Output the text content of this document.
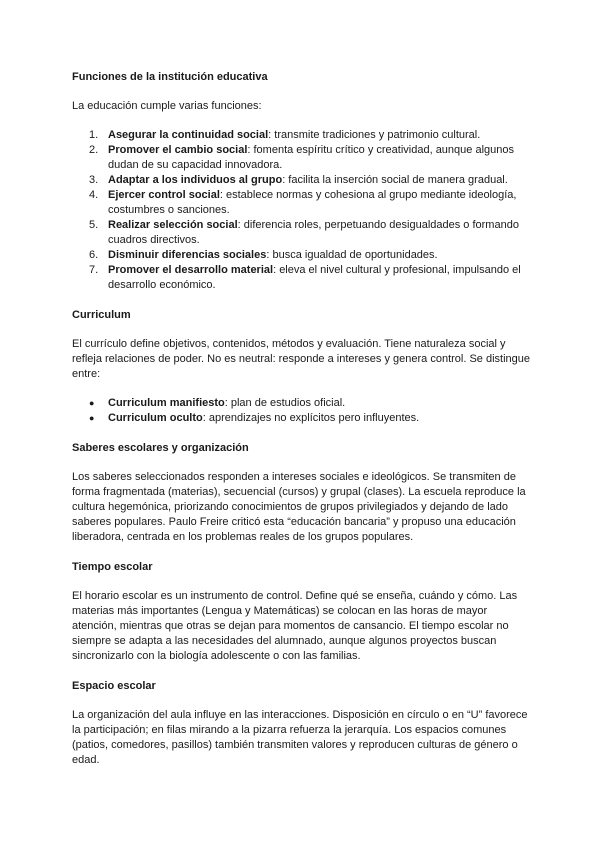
Funciones de la institución educativa

La educación cumple varias funciones:

1. Asegurar la continuidad social: transmite tradiciones y patrimonio cultural.
2. Promover el cambio social: fomenta espíritu crítico y creatividad, aunque algunos dudan de su capacidad innovadora.
3. Adaptar a los individuos al grupo: facilita la inserción social de manera gradual.
4. Ejercer control social: establece normas y cohesiona al grupo mediante ideología, costumbres o sanciones.
5. Realizar selección social: diferencia roles, perpetuando desigualdades o formando cuadros directivos.
6. Disminuir diferencias sociales: busca igualdad de oportunidades.
7. Promover el desarrollo material: eleva el nivel cultural y profesional, impulsando el desarrollo económico.
Curriculum

El currículo define objetivos, contenidos, métodos y evaluación. Tiene naturaleza social y refleja relaciones de poder. No es neutral: responde a intereses y genera control. Se distingue entre:

● Curriculum manifiesto: plan de estudios oficial.
● Curriculum oculto: aprendizajes no explícitos pero influyentes.
Saberes escolares y organización

Los saberes seleccionados responden a intereses sociales e ideológicos. Se transmiten de forma fragmentada (materias), secuencial (cursos) y grupal (clases). La escuela reproduce la cultura hegemónica, priorizando conocimientos de grupos privilegiados y dejando de lado saberes populares. Paulo Freire criticó esta “educación bancaria” y propuso una educación liberadora, centrada en los problemas reales de los grupos populares.

Tiempo escolar

El horario escolar es un instrumento de control. Define qué se enseña, cuándo y cómo. Las materias más importantes (Lengua y Matemáticas) se colocan en las horas de mayor atención, mientras que otras se dejan para momentos de cansancio. El tiempo escolar no siempre se adapta a las necesidades del alumnado, aunque algunos proyectos buscan sincronizarlo con la biología adolescente o con las familias.

Espacio escolar

La organización del aula influye en las interacciones. Disposición en círculo o en “U” favorece la participación; en filas mirando a la pizarra refuerza la jerarquía. Los espacios comunes (patios, comedores, pasillos) también transmiten valores y reproducen culturas de género o edad.
